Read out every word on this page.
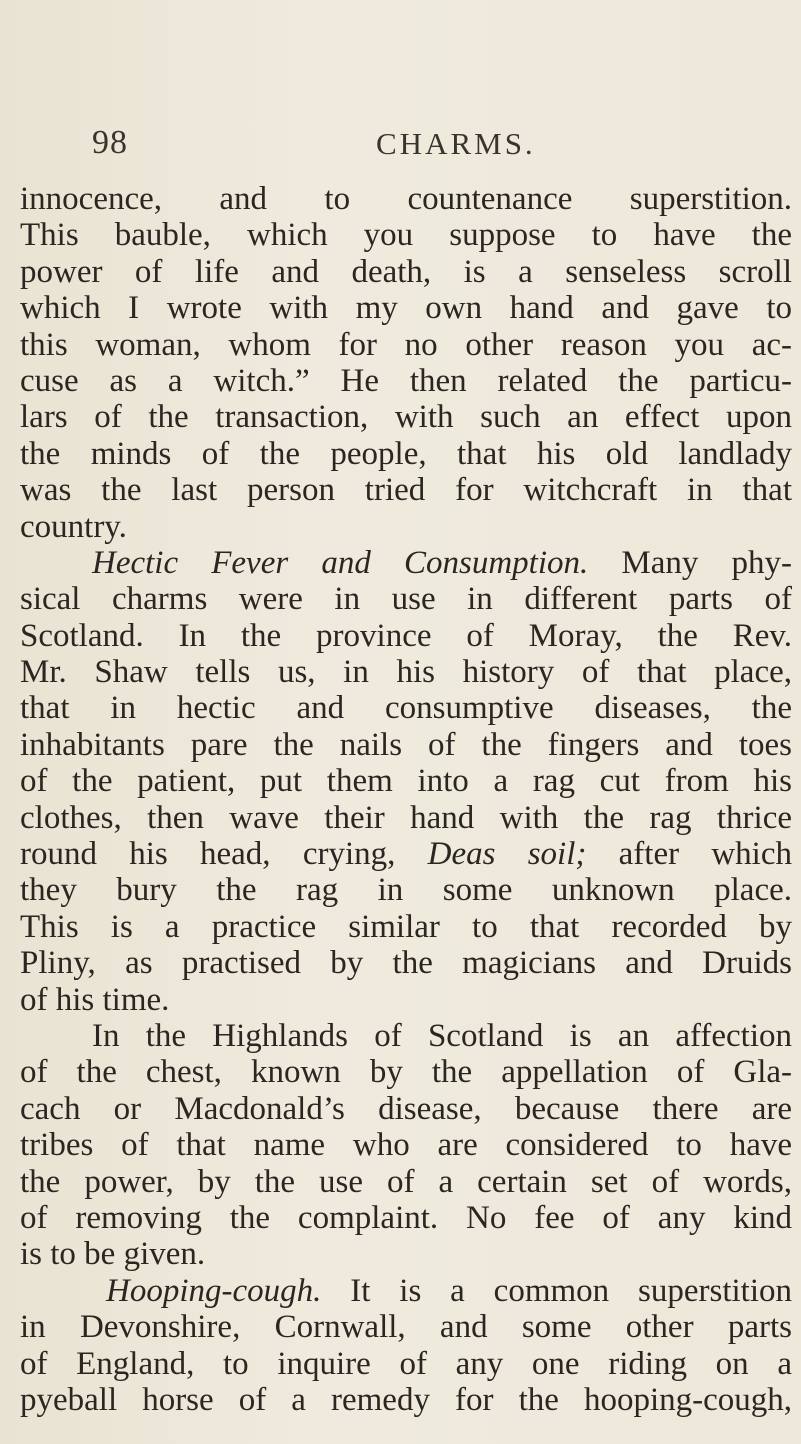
98	CHARMS.
innocence, and to countenance superstition.
This bauble, which you suppose to have the
power of life and death, is a senseless scroll
which I wrote with my own hand and gave to
this woman, whom for no other reason you ac-
cuse as a witch.” He then related the particu-
lars of the transaction, with such an effect upon
the minds of the people, that his old landlady
was the last person tried for witchcraft in that
country.
Hectic Fever and Consumption. Many phy-
sical charms were in use in different parts of
Scotland. In the province of Moray, the Rev.
Mr. Shaw tells us, in his history of that place,
that in hectic and consumptive diseases, the
inhabitants pare the nails of the fingers and toes
of the patient, put them into a rag cut from his
clothes, then wave their hand with the rag thrice
round his head, crying, Deas soil; after which
they bury the rag in some unknown place.
This is a practice similar to that recorded by
Pliny, as practised by the magicians and Druids
of his time.
In the Highlands of Scotland is an affection
of the chest, known by the appellation of Gla-
cach or Macdonald’s disease, because there are
tribes of that name who are considered to have
the power, by the use of a certain set of words,
of removing the complaint. No fee of any kind
is to be given.
Hooping-cough. It is a common superstition
in Devonshire, Cornwall, and some other parts
of England, to inquire of any one riding on a
pyeball horse of a remedy for the hooping-cough,
